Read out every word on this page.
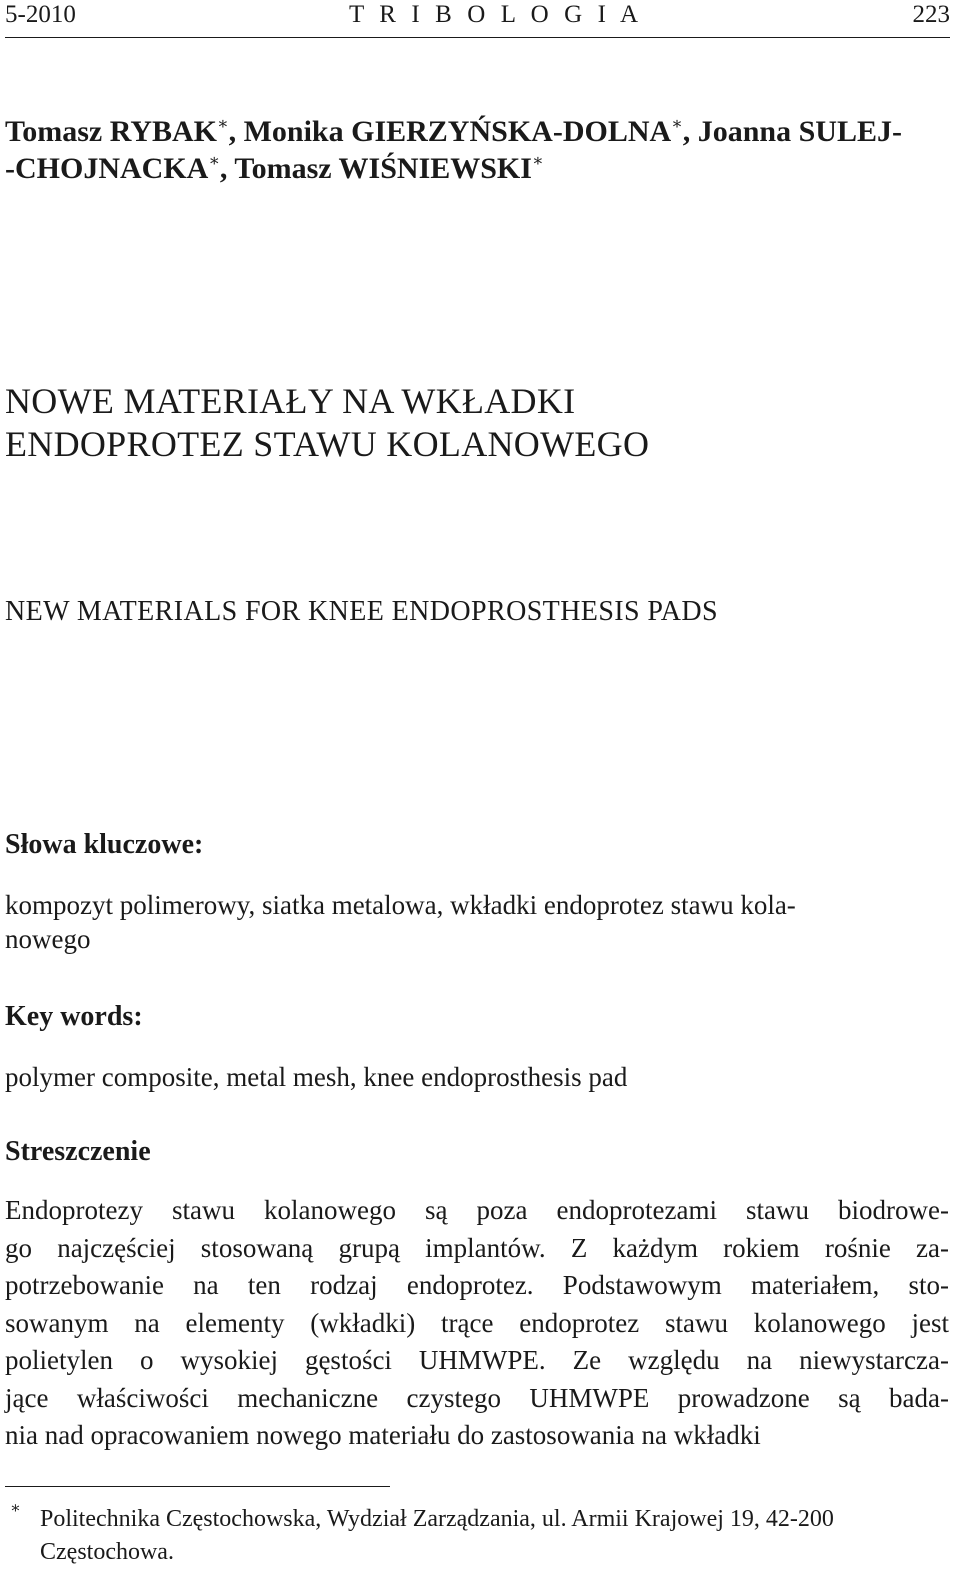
5-2010	T R I B O L O G I A	223
Tomasz RYBAK∗, Monika GIERZYŃSKA-DOLNA∗, Joanna SULEJ-
-CHOJNACKA∗, Tomasz WIŚNIEWSKI∗
NOWE MATERIAŁY NA WKŁADKI
ENDOPROTEZ STAWU KOLANOWEGO
NEW MATERIALS FOR KNEE ENDOPROSTHESIS PADS
Słowa kluczowe:
kompozyt polimerowy, siatka metalowa, wkładki endoprotez stawu kola-
nowego
Key words:
polymer composite, metal mesh, knee endoprosthesis pad
Streszczenie
Endoprotezy stawu kolanowego są poza endoprotezami stawu biodrowe-
go najczęściej stosowaną grupą implantów. Z każdym rokiem rośnie za-
potrzebowanie na ten rodzaj endoprotez. Podstawowym materiałem, sto-
sowanym na elementy (wkładki) trące endoprotez stawu kolanowego jest
polietylen o wysokiej gęstości UHMWPE. Ze względu na niewystarcza-
jące właściwości mechaniczne czystego UHMWPE prowadzone są bada-
nia nad opracowaniem nowego materiału do zastosowania na wkładki
∗ Politechnika Częstochowska, Wydział Zarządzania, ul. Armii Krajowej 19, 42-200
Częstochowa.
